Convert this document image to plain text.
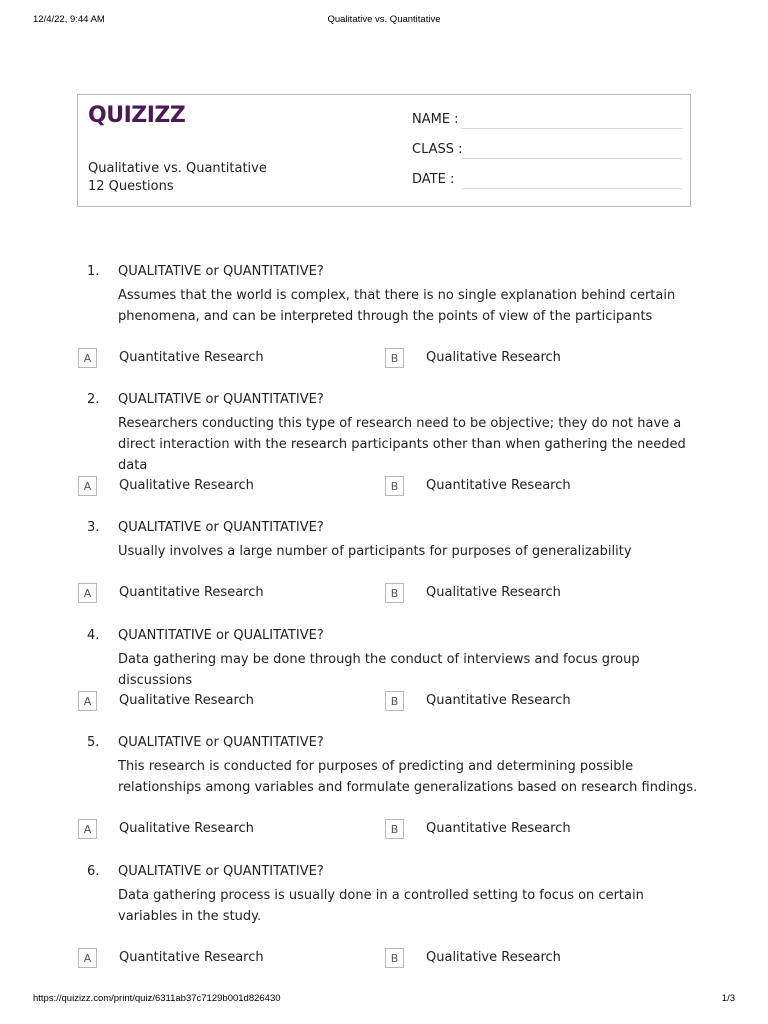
12/4/22, 9:44 AM	Qualitative vs. Quantitative
QUIZIZZ
Qualitative vs. Quantitative
12 Questions
NAME :
CLASS :
DATE :
1. QUALITATIVE or QUANTITATIVE?
Assumes that the world is complex, that there is no single explanation behind certain phenomena, and can be interpreted through the points of view of the participants
A	Quantitative Research	B	Qualitative Research
2. QUALITATIVE or QUANTITATIVE?
Researchers conducting this type of research need to be objective; they do not have a direct interaction with the research participants other than when gathering the needed data
A	Qualitative Research	B	Quantitative Research
3. QUALITATIVE or QUANTITATIVE?
Usually involves a large number of participants for purposes of generalizability
A	Quantitative Research	B	Qualitative Research
4. QUANTITATIVE or QUALITATIVE?
Data gathering may be done through the conduct of interviews and focus group discussions
A	Qualitative Research	B	Quantitative Research
5. QUALITATIVE or QUANTITATIVE?
This research is conducted for purposes of predicting and determining possible relationships among variables and formulate generalizations based on research findings.
A	Qualitative Research	B	Quantitative Research
6. QUALITATIVE or QUANTITATIVE?
Data gathering process is usually done in a controlled setting to focus on certain variables in the study.
A	Quantitative Research	B	Qualitative Research
https://quizizz.com/print/quiz/6311ab37c7129b001d826430	1/3
